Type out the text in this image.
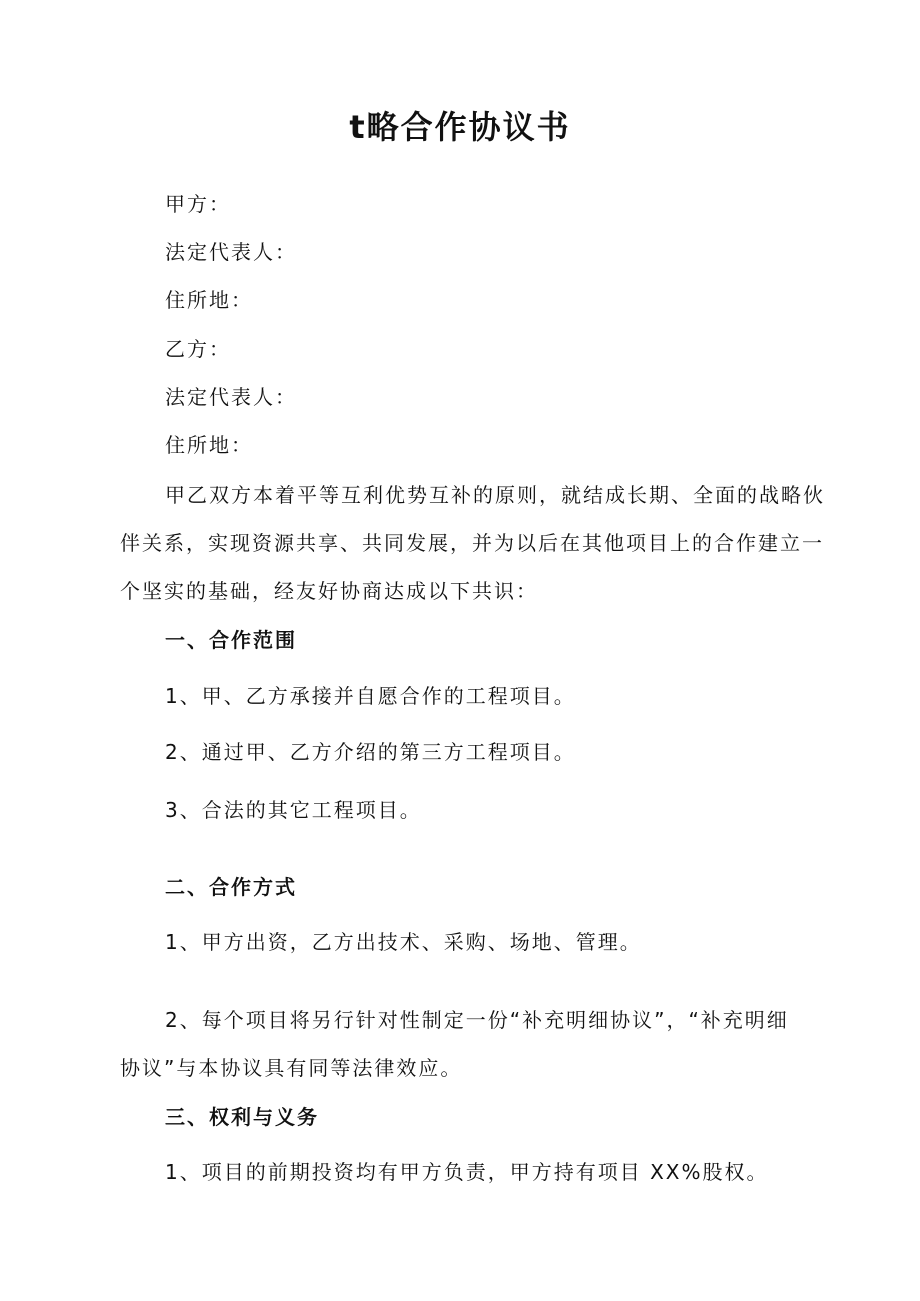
t略合作协议书
甲方：
法定代表人：
住所地：
乙方：
法定代表人：
住所地：
甲乙双方本着平等互利优势互补的原则，就结成长期、全面的战略伙
伴关系，实现资源共享、共同发展，并为以后在其他项目上的合作建立一
个坚实的基础，经友好协商达成以下共识：
一、合作范围
1、甲、乙方承接并自愿合作的工程项目。
2、通过甲、乙方介绍的第三方工程项目。
3、合法的其它工程项目。
二、合作方式
1、甲方出资，乙方出技术、采购、场地、管理。
2、每个项目将另行针对性制定一份“补充明细协议”，“补充明细
协议”与本协议具有同等法律效应。
三、权利与义务
1、项目的前期投资均有甲方负责，甲方持有项目 XX%股权。
